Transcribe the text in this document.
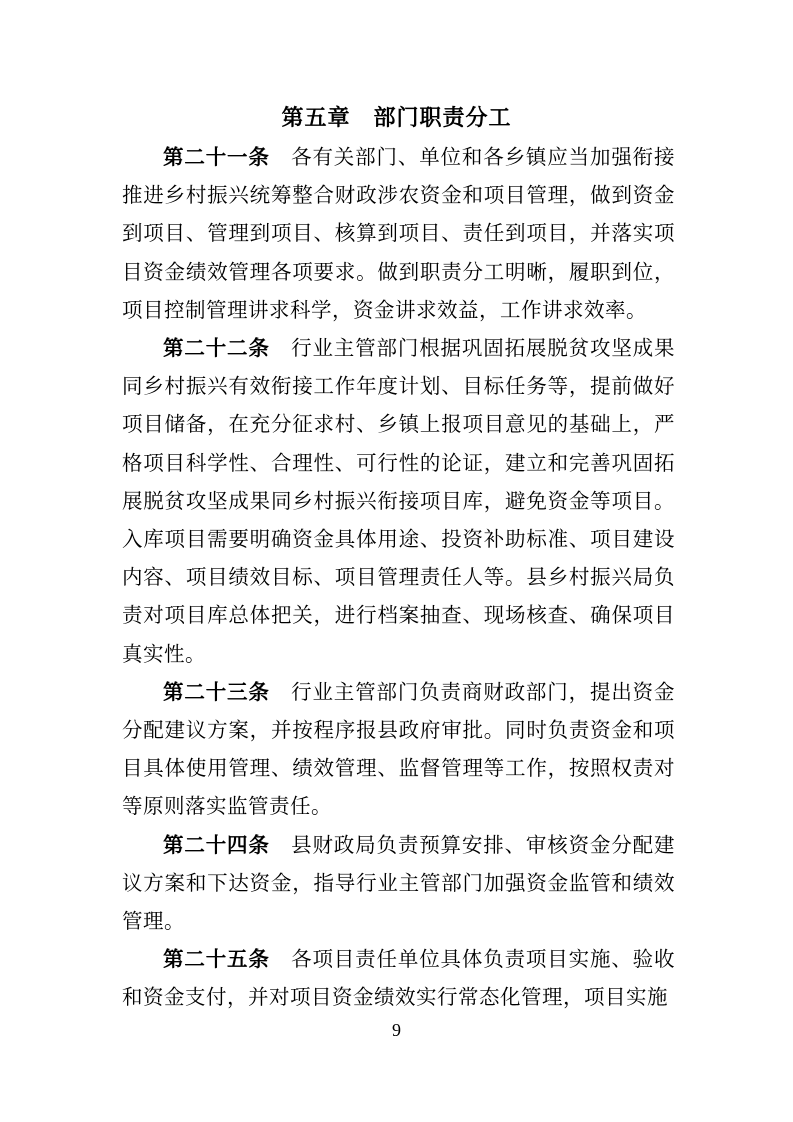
第五章　部门职责分工

第二十一条　 各有关部门、单位和各乡镇应当加强衔接推进乡村振兴统筹整合财政涉农资金和项目管理，做到资金到项目、管理到项目、核算到项目、责任到项目，并落实项目资金绩效管理各项要求。做到职责分工明晰，履职到位，项目控制管理讲求科学，资金讲求效益，工作讲求效率。

第二十二条　 行业主管部门根据巩固拓展脱贫攻坚成果同乡村振兴有效衔接工作年度计划、目标任务等，提前做好项目储备，在充分征求村、乡镇上报项目意见的基础上，严格项目科学性、合理性、可行性的论证，建立和完善巩固拓展脱贫攻坚成果同乡村振兴衔接项目库，避免资金等项目。入库项目需要明确资金具体用途、投资补助标准、项目建设内容、项目绩效目标、项目管理责任人等。县乡村振兴局负责对项目库总体把关，进行档案抽查、现场核查、确保项目真实性。

第二十三条　 行业主管部门负责商财政部门，提出资金分配建议方案，并按程序报县政府审批。同时负责资金和项目具体使用管理、绩效管理、监督管理等工作，按照权责对等原则落实监管责任。

第二十四条　 县财政局负责预算安排、审核资金分配建议方案和下达资金，指导行业主管部门加强资金监管和绩效管理。

第二十五条　 各项目责任单位具体负责项目实施、验收和资金支付，并对项目资金绩效实行常态化管理，项目实施

9
